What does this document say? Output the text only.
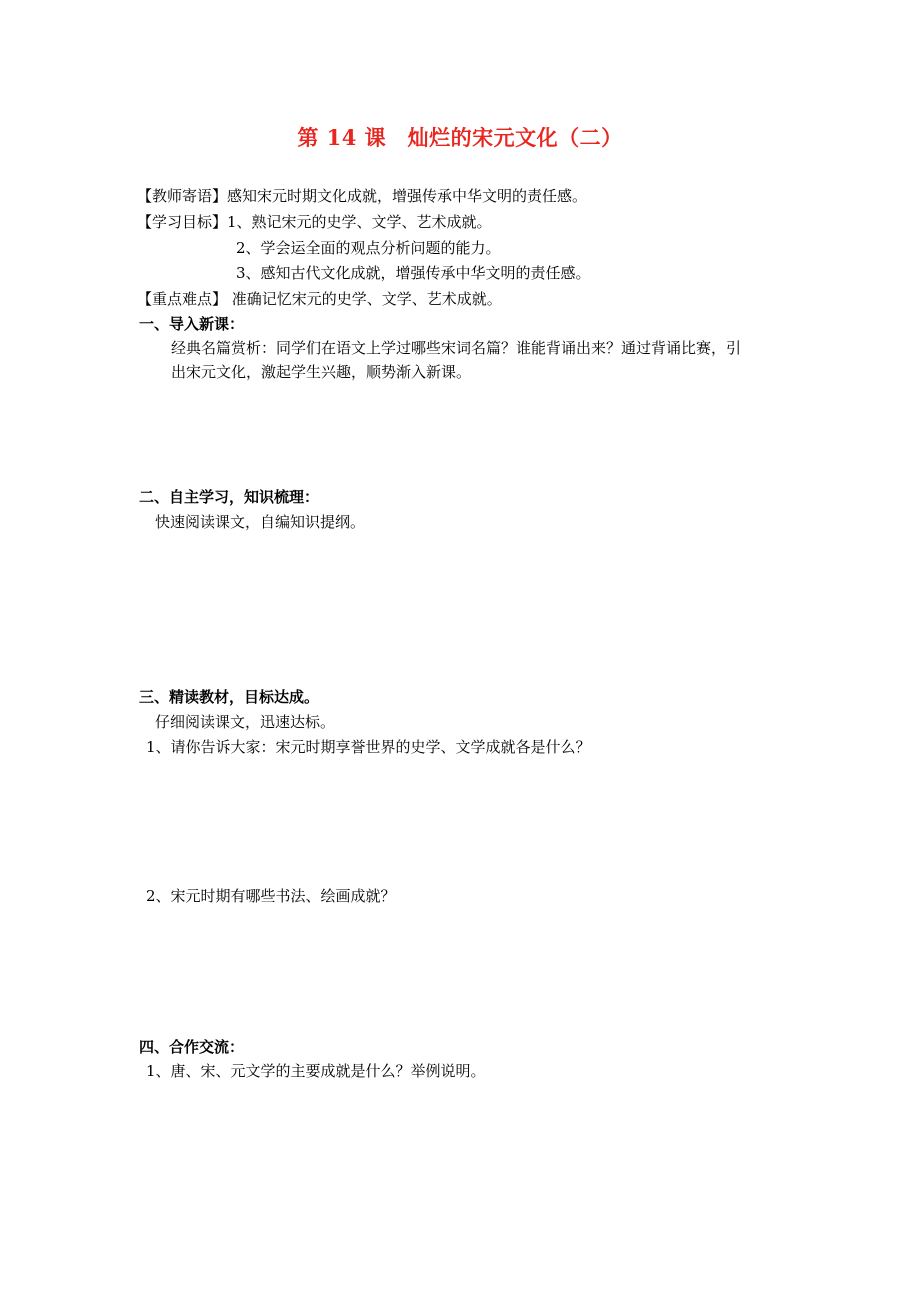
第 14 课　灿烂的宋元文化（二）
【教师寄语】感知宋元时期文化成就，增强传承中华文明的责任感。
【学习目标】1、熟记宋元的史学、文学、艺术成就。
2、学会运全面的观点分析问题的能力。
3、感知古代文化成就，增强传承中华文明的责任感。
【重点难点】 准确记忆宋元的史学、文学、艺术成就。
一、导入新课：
经典名篇赏析：同学们在语文上学过哪些宋词名篇？谁能背诵出来？通过背诵比赛，引
出宋元文化，激起学生兴趣，顺势渐入新课。
二、自主学习，知识梳理：
快速阅读课文，自编知识提纲。
三、精读教材，目标达成。
仔细阅读课文，迅速达标。
1、请你告诉大家：宋元时期享誉世界的史学、文学成就各是什么？
2、宋元时期有哪些书法、绘画成就？
四、合作交流：
1、唐、宋、元文学的主要成就是什么？举例说明。
